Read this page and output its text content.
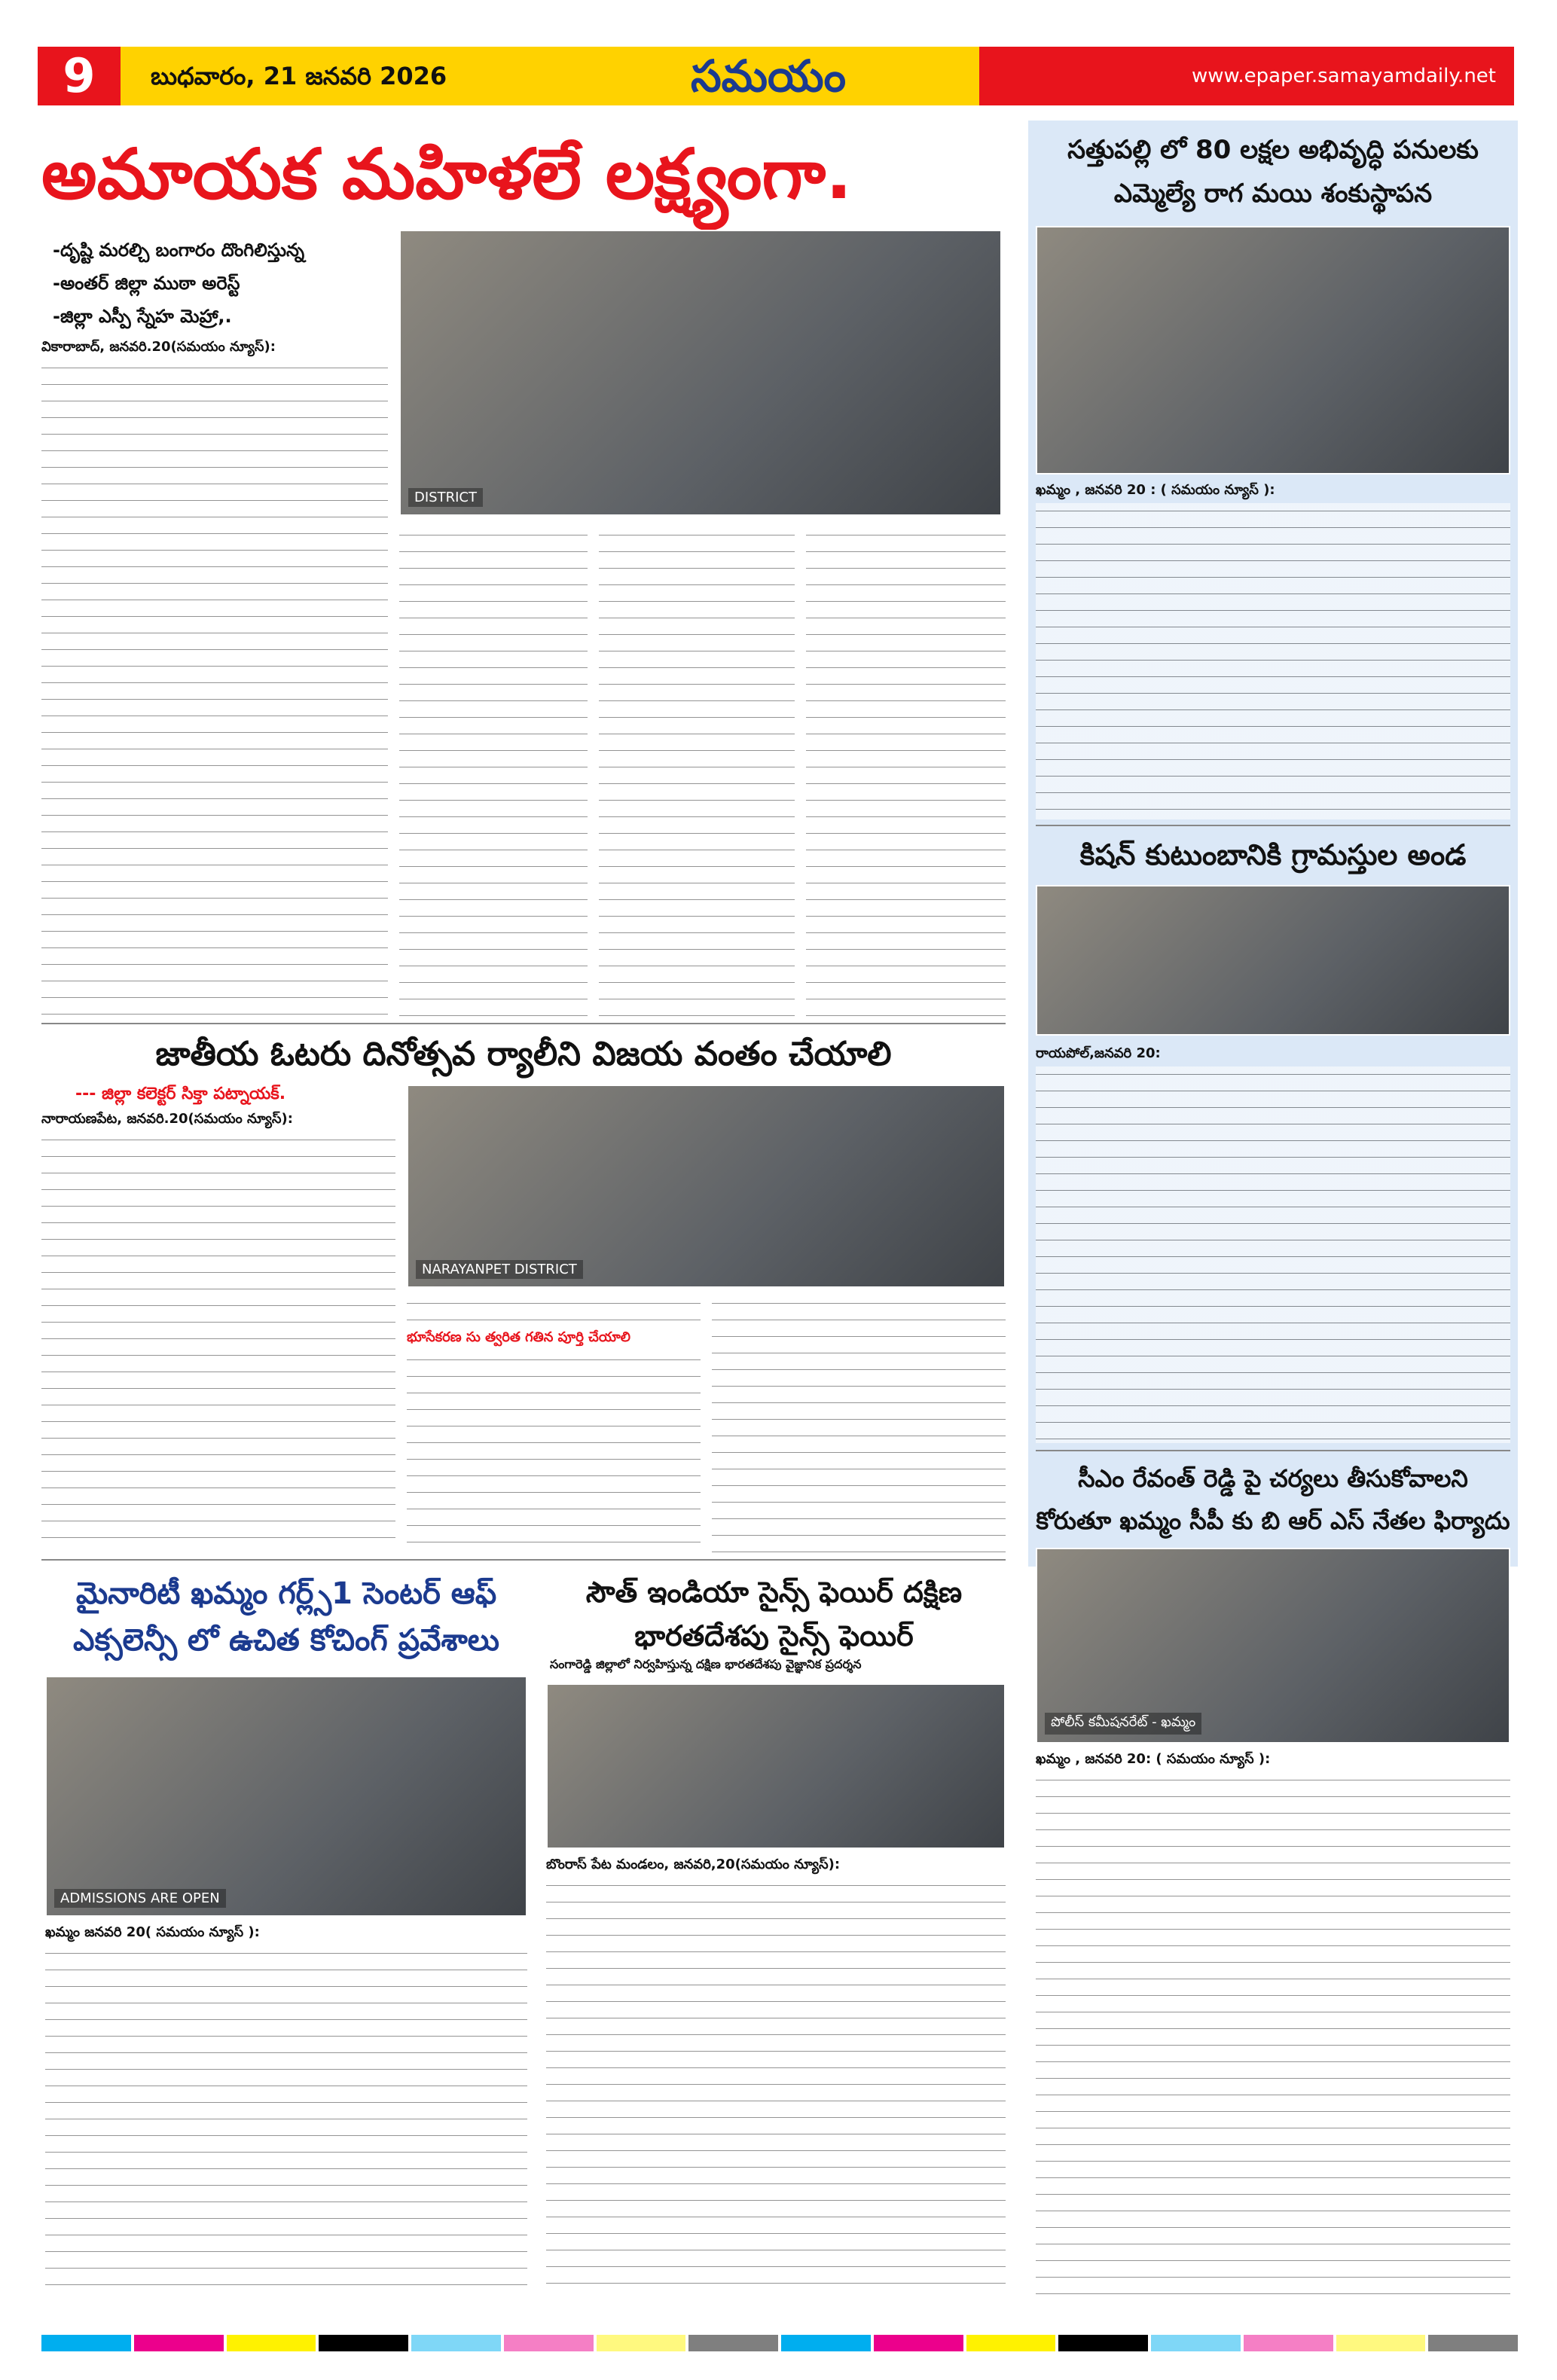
బుధవారం, 21 జనవరి 2026
9	సమయం	www.epaper.samayamdaily.net
అమాయక మహిళలే లక్ష్యంగా.
-దృష్టి మరల్చి బంగారం దొంగిలిస్తున్న
-అంతర్ జిల్లా ముఠా అరెస్ట్
-జిల్లా ఎస్పీ స్నేహ మెహ్రా,.
వికారాబాద్, జనవరి.20(సమయం న్యూస్):
DISTRICT
సత్తుపల్లి లో 80 లక్షల అభివృద్ధి పనులకు
ఎమ్మెల్యే రాగ మయి శంకుస్థాపన
ఖమ్మం , జనవరి 20 : ( సమయం న్యూస్ ):
కిషన్ కుటుంబానికి గ్రామస్తుల అండ
రాయపోల్,జనవరి 20:
సీఎం రేవంత్ రెడ్డి పై చర్యలు తీసుకోవాలని
కోరుతూ ఖమ్మం సీపీ కు బి ఆర్ ఎస్ నేతల ఫిర్యాదు
పోలీస్ కమీషనరేట్ - ఖమ్మం
ఖమ్మం , జనవరి 20: ( సమయం న్యూస్ ):
జాతీయ ఓటరు దినోత్సవ ర్యాలీని విజయ వంతం చేయాలి
--- జిల్లా కలెక్టర్ సిక్తా పట్నాయక్.
నారాయణపేట, జనవరి.20(సమయం న్యూస్):
NARAYANPET DISTRICT
భూసేకరణ సు త్వరిత గతిన పూర్తి చేయాలి
మైనారిటీ ఖమ్మం గర్ల్స్1 సెంటర్ ఆఫ్
ఎక్సలెన్సీ లో ఉచిత కోచింగ్ ప్రవేశాలు
ADMISSIONS ARE OPEN
ఖమ్మం జనవరి 20( సమయం న్యూస్ ):
సౌత్ ఇండియా సైన్స్ ఫెయిర్ దక్షిణ
భారతదేశపు సైన్స్ ఫెయిర్
సంగారెడ్డి జిల్లాలో నిర్వహిస్తున్న దక్షిణ భారతదేశపు వైజ్ఞానిక ప్రదర్శన
బొంరాస్ పేట మండలం, జనవరి,20(సమయం న్యూస్):
